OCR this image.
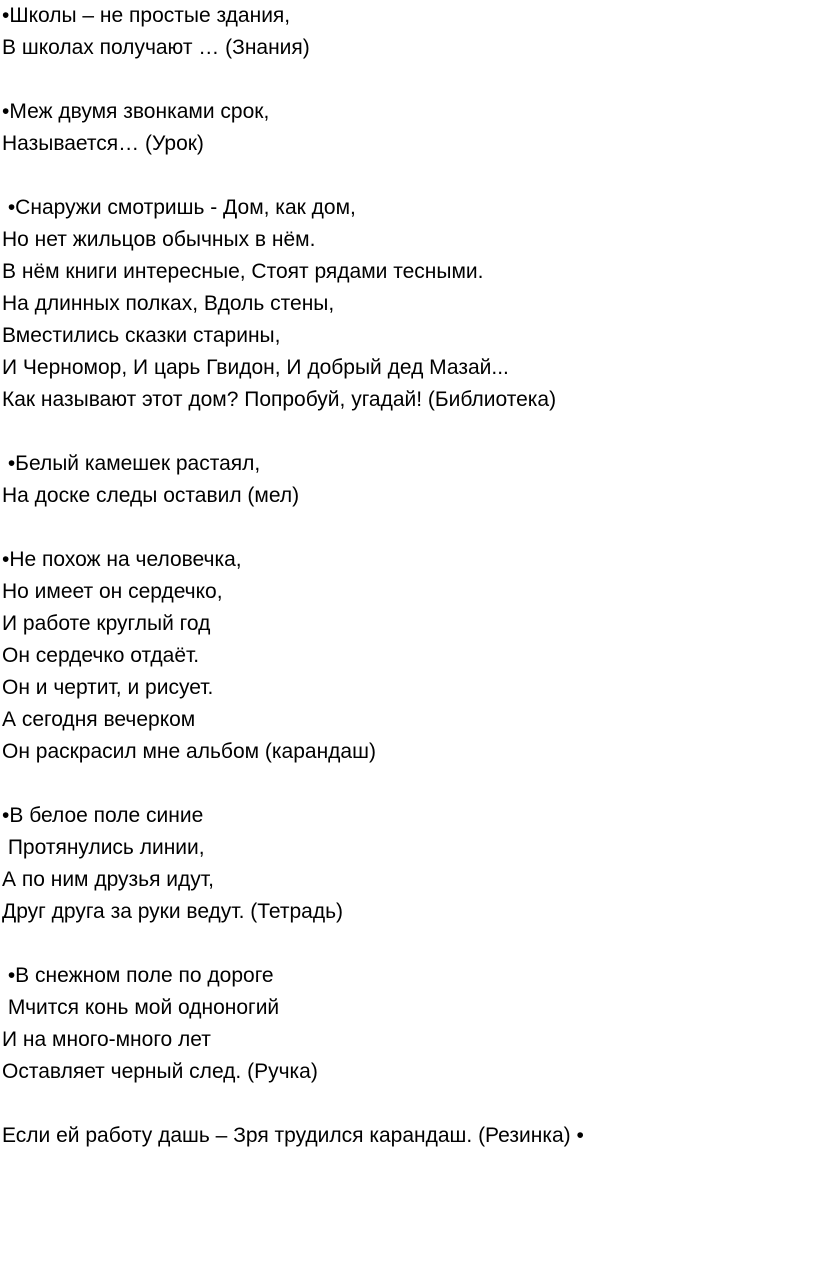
•Школы – не простые здания,
В школах получают … (Знания)
•Меж двумя звонками срок,
Называется… (Урок)
•Снаружи смотришь - Дом, как дом,
Но нет жильцов обычных в нём.
В нём книги интересные, Стоят рядами тесными.
На длинных полках, Вдоль стены,
Вместились сказки старины,
И Черномор, И царь Гвидон, И добрый дед Мазай...
Как называют этот дом? Попробуй, угадай! (Библиотека)
•Белый камешек растаял,
На доске следы оставил (мел)
•Не похож на человечка,
Но имеет он сердечко,
И работе круглый год
Он сердечко отдаёт.
Он и чертит, и рисует.
А сегодня вечерком
Он раскрасил мне альбом (карандаш)
•В белое поле синие
Протянулись линии,
А по ним друзья идут,
Друг друга за руки ведут. (Тетрадь)
•В снежном поле по дороге
Мчится конь мой одноногий
И на много-много лет
Оставляет черный след. (Ручка)
Если ей работу дашь – Зря трудился карандаш. (Резинка) •
